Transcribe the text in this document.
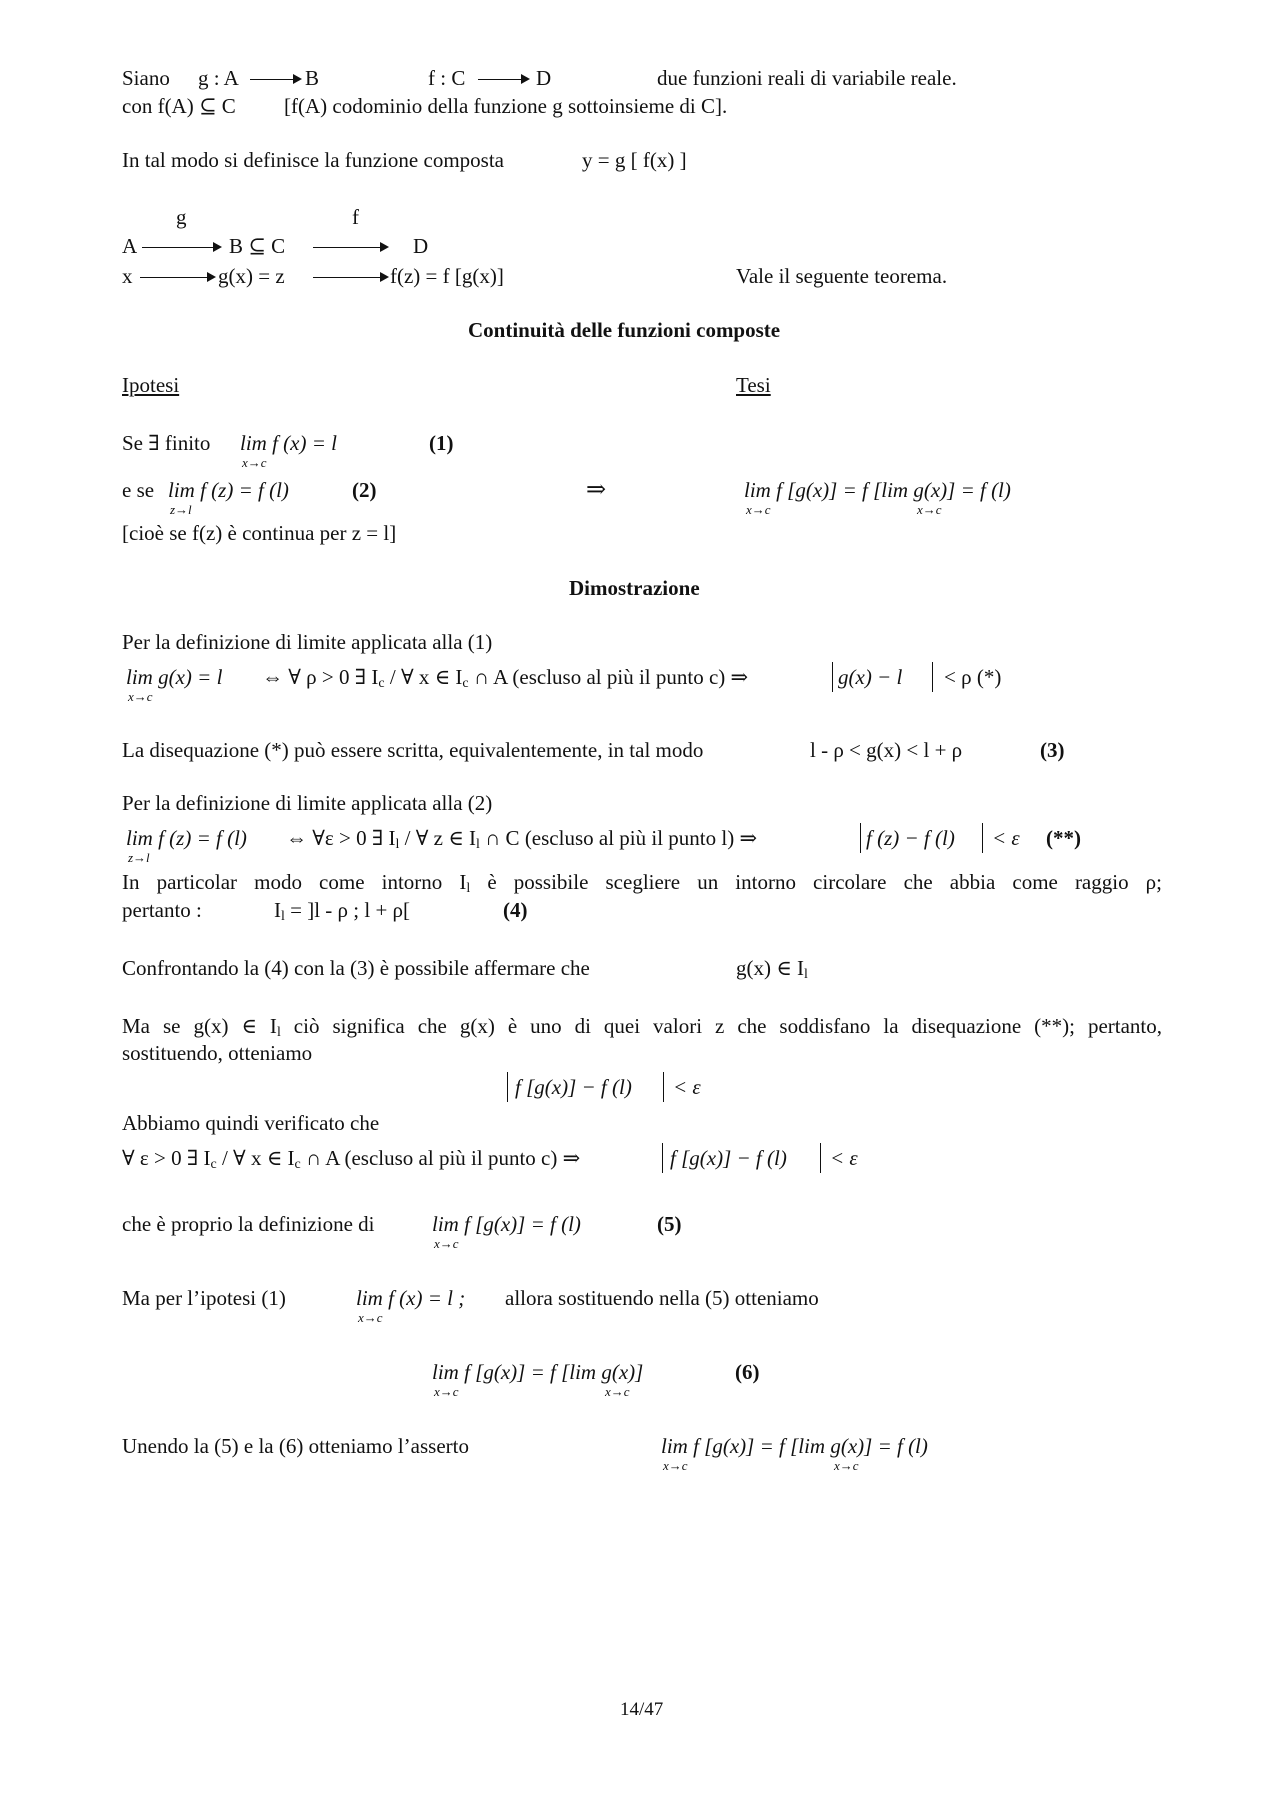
Siano g : A	B	f : C	D	due funzioni reali di variabile reale.
con f(A) ⊆ C [f(A) codominio della funzione g sottoinsieme di C].
In tal modo si definisce la funzione composta	y = g [ f(x) ]
g	f
A	B ⊆ C	D
x	g(x) = z	f(z) = f [g(x)]	Vale il seguente teorema.
Continuità delle funzioni composte
Ipotesi	Tesi
Se ∃ finito lim f (x) = l
x→c
(1)
e se lim f (z) = f (l)
z→l
(2)	⇒	lim f [g(x)] = f [lim g(x)] = f (l)
x→c	x→c
[cioè se f(z) è continua per z = l]
Dimostrazione
Per la definizione di limite applicata alla (1)
lim g(x) = l
x→c
⇔ ∀ ρ > 0 ∃ Ic / ∀ x ∈ Ic ∩ A (escluso al più il punto c) ⇒	g(x) − l < ρ (*)
La disequazione (*) può essere scritta, equivalentemente, in tal modo	l - ρ < g(x) < l + ρ	(3)
Per la definizione di limite applicata alla (2)
lim f (z) = f (l)
z→l
⇔ ∀ε > 0 ∃ Il / ∀ z ∈ Il ∩ C (escluso al più il punto l) ⇒	f (z) − f (l) < ε (**)
In particolar modo come intorno Il è possibile scegliere un intorno circolare che abbia come raggio ρ;
pertanto :	Il = ]l - ρ ; l + ρ[	(4)
Confrontando la (4) con la (3) è possibile affermare che	g(x) ∈ Il
Ma se g(x) ∈ Il ciò significa che g(x) è uno di quei valori z che soddisfano la disequazione (**); pertanto,
sostituendo, otteniamo
f [g(x)] − f (l) < ε
Abbiamo quindi verificato che
∀ ε > 0 ∃ Ic / ∀ x ∈ Ic ∩ A (escluso al più il punto c) ⇒	f [g(x)] − f (l) < ε
che è proprio la definizione di	lim f [g(x)] = f (l)
x→c
(5)
Ma per l’ipotesi (1)	lim f (x) = l ;
x→c
allora sostituendo nella (5) otteniamo
lim f [g(x)] = f [lim g(x)]
x→c	x→c
(6)
Unendo la (5) e la (6) otteniamo l’asserto	lim f [g(x)] = f [lim g(x)] = f (l)
x→c	x→c
14/47
